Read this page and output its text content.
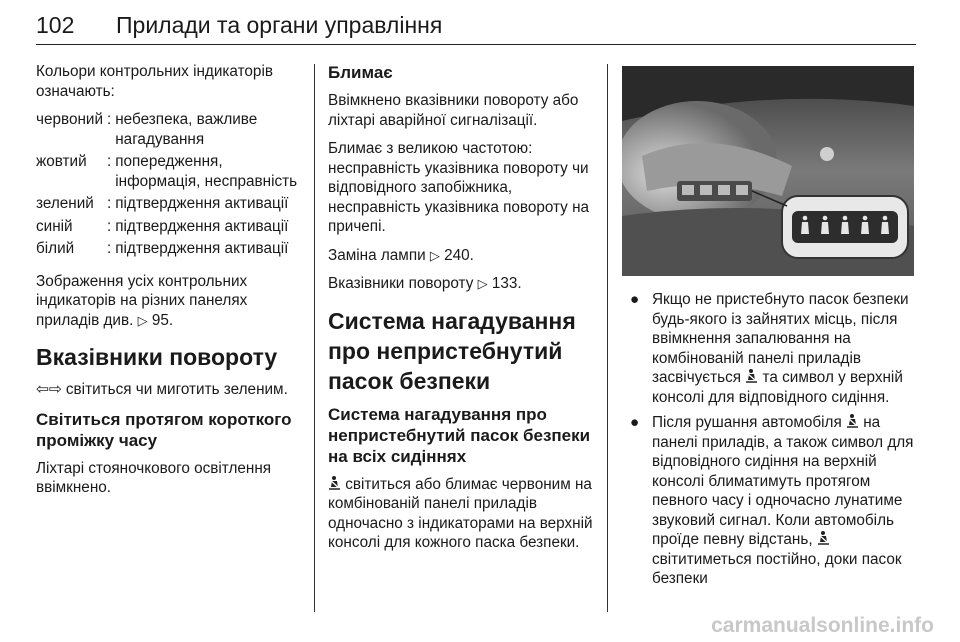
102 Прилади та органи управління

Кольори контрольних індикаторів означають:

червоний	:	небезпека, важливе нагадування
жовтий	:	попередження, інформація, несправність
зелений	:	підтвердження активації
синій	:	підтвердження активації
білий	:	підтвердження активації

Зображення усіх контрольних індикаторів на різних панелях приладів див. ▷ 95.

Вказівники повороту

⇦⇨ світиться чи миготить зеленим.

Світиться протягом короткого проміжку часу

Ліхтарі стояночкового освітлення ввімкнено.

Блимає

Ввімкнено вказівники повороту або ліхтарі аварійної сигналізації.

Блимає з великою частотою: несправність указівника повороту чи відповідного запобіжника, несправність указівника повороту на причепі.

Заміна лампи ▷ 240.

Вказівники повороту ▷ 133.

Система нагадування про непристебнутий пасок безпеки
Система нагадування про непристебнутий пасок безпеки на всіх сидіннях

світиться або блимає червоним на комбінованій панелі приладів одночасно з індикаторами на верхній консолі для кожного паска безпеки.

● Якщо не пристебнуто пасок безпеки будь-якого із зайнятих місць, після ввімкнення запалювання на комбінованій панелі приладів засвічується та символ у верхній консолі для відповідного сидіння.
● Після рушання автомобіля на панелі приладів, а також символ для відповідного сидіння на верхній консолі блиматимуть протягом певного часу і одночасно лунатиме звуковий сигнал. Коли автомобіль проїде певну відстань,  світитиметься постійно, доки пасок безпеки
carmanualsonline.info
